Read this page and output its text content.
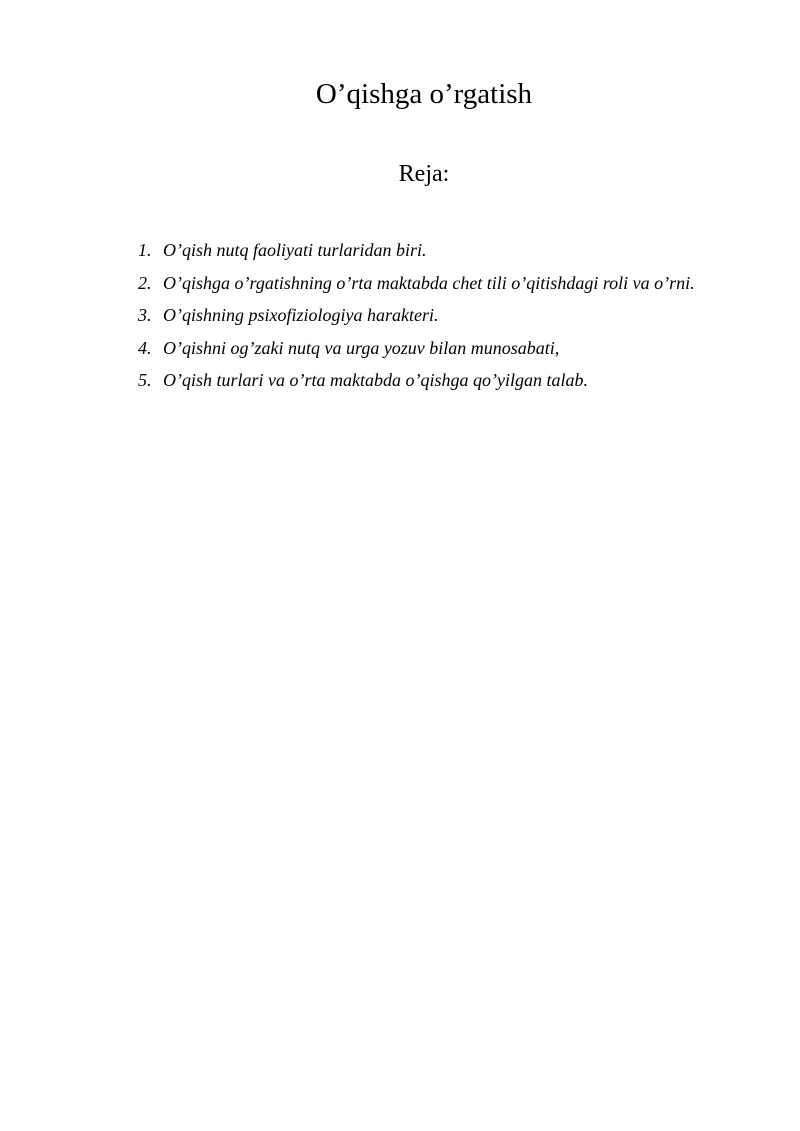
O’qishga o’rgatish
Reja:
1. O’qish nutq faoliyati turlaridan biri.
2. O’qishga o’rgatishning o’rta maktabda chet tili o’qitishdagi roli va o’rni.
3. O’qishning psixofiziologiya harakteri.
4. O’qishni og’zaki nutq va urga yozuv bilan munosabati,
5. O’qish turlari va o’rta maktabda o’qishga qo’yilgan talab.
